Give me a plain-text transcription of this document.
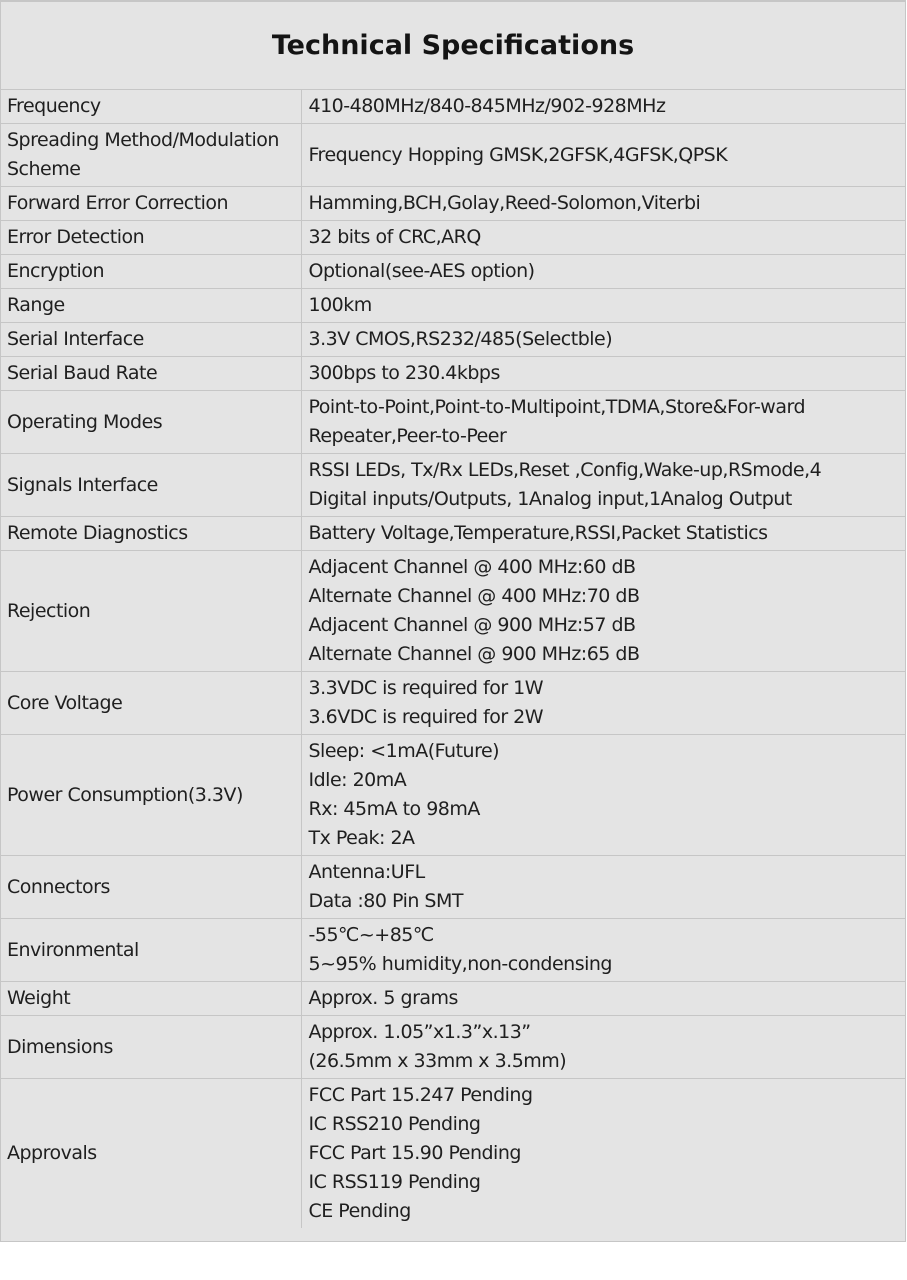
Technical Specifications
Frequency	410-480MHz/840-845MHz/902-928MHz

Spreading Method/Modulation Scheme	Frequency Hopping GMSK,2GFSK,4GFSK,QPSK

Forward Error Correction	Hamming,BCH,Golay,Reed-Solomon,Viterbi

Error Detection	32 bits of CRC,ARQ

Encryption	Optional(see-AES option)

Range	100km

Serial Interface	3.3V CMOS,RS232/485(Selectble)

Serial Baud Rate	300bps to 230.4kbps

Operating Modes	Point-to-Point,Point-to-Multipoint,TDMA,Store&For-ward
Repeater,Peer-to-Peer

Signals Interface	RSSI LEDs, Tx/Rx LEDs,Reset ,Config,Wake-up,RSmode,4
Digital inputs/Outputs, 1Analog input,1Analog Output

Remote Diagnostics	Battery Voltage,Temperature,RSSI,Packet Statistics

Rejection	Adjacent Channel @ 400 MHz:60 dB
Alternate Channel @ 400 MHz:70 dB
Adjacent Channel @ 900 MHz:57 dB
Alternate Channel @ 900 MHz:65 dB

Core Voltage	3.3VDC is required for 1W
3.6VDC is required for 2W

Power Consumption(3.3V)	Sleep: <1mA(Future)
Idle: 20mA
Rx: 45mA to 98mA
Tx Peak: 2A

Connectors	Antenna:UFL
Data :80 Pin SMT

Environmental	-55℃~+85℃
5~95% humidity,non-condensing

Weight	Approx. 5 grams

Dimensions	Approx. 1.05”x1.3”x.13”
(26.5mm x 33mm x 3.5mm)

Approvals	FCC Part 15.247 Pending
IC RSS210 Pending
FCC Part 15.90 Pending
IC RSS119 Pending
CE Pending
